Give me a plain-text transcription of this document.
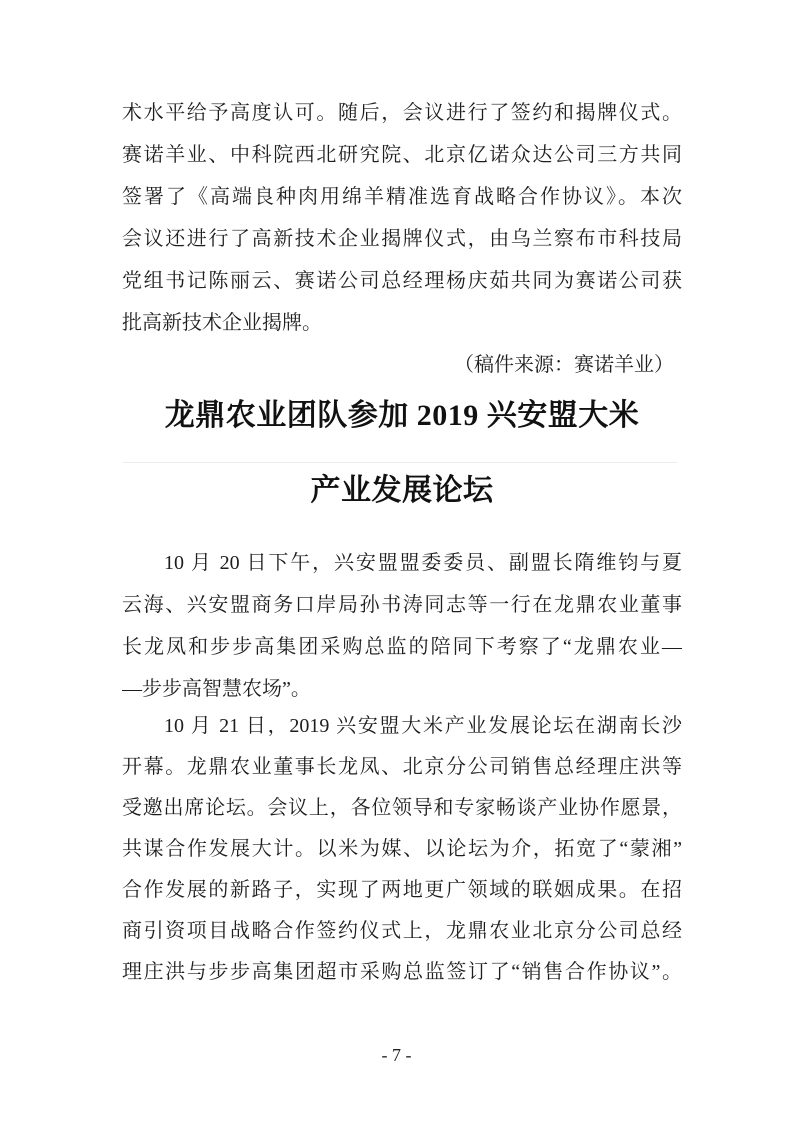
术水平给予高度认可。随后，会议进行了签约和揭牌仪式。
赛诺羊业、中科院西北研究院、北京亿诺众达公司三方共同
签署了《高端良种肉用绵羊精准选育战略合作协议》。本次
会议还进行了高新技术企业揭牌仪式，由乌兰察布市科技局
党组书记陈丽云、赛诺公司总经理杨庆茹共同为赛诺公司获
批高新技术企业揭牌。
（稿件来源：赛诺羊业）
龙鼎农业团队参加 2019 兴安盟大米
产业发展论坛
10 月 20 日下午，兴安盟盟委委员、副盟长隋维钧与夏
云海、兴安盟商务口岸局孙书涛同志等一行在龙鼎农业董事
长龙凤和步步高集团采购总监的陪同下考察了“龙鼎农业—
—步步高智慧农场”。
10 月 21 日，2019 兴安盟大米产业发展论坛在湖南长沙
开幕。龙鼎农业董事长龙凤、北京分公司销售总经理庄洪等
受邀出席论坛。会议上，各位领导和专家畅谈产业协作愿景，
共谋合作发展大计。以米为媒、以论坛为介，拓宽了“蒙湘”
合作发展的新路子，实现了两地更广领域的联姻成果。在招
商引资项目战略合作签约仪式上，龙鼎农业北京分公司总经
理庄洪与步步高集团超市采购总监签订了“销售合作协议”。
- 7 -
